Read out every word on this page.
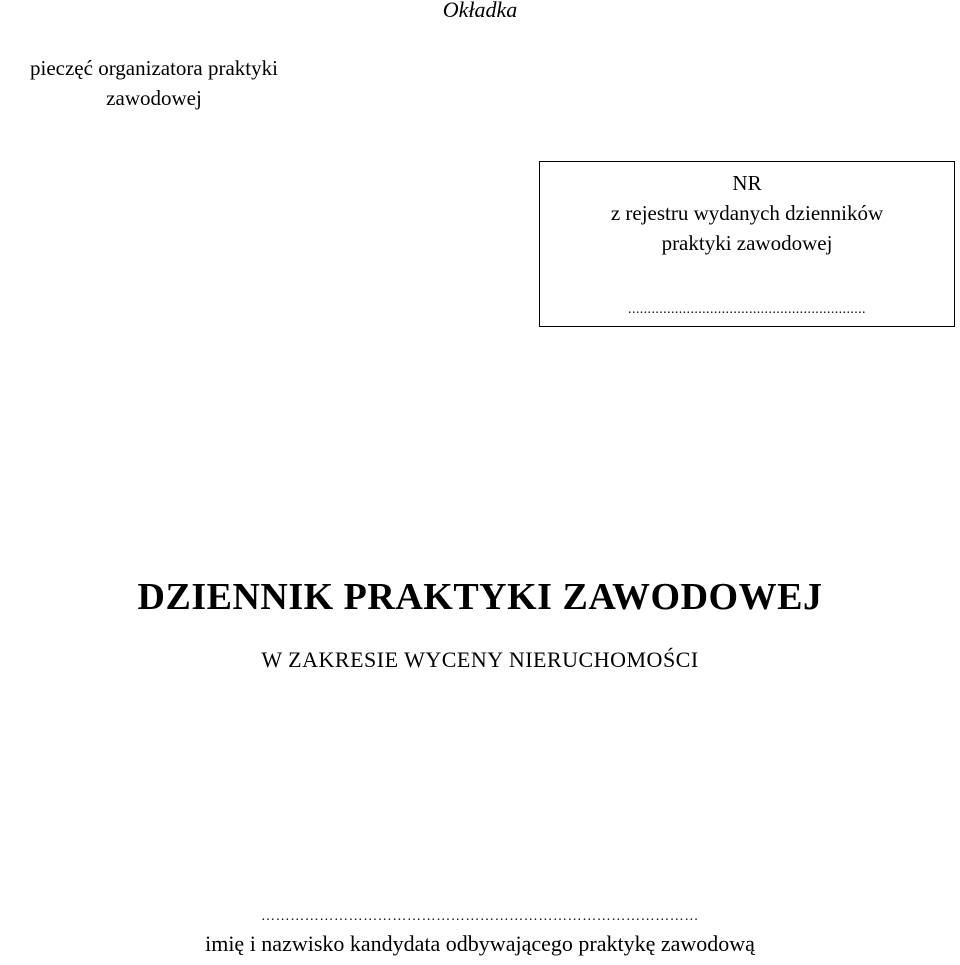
Okładka
pieczęć organizatora praktyki
zawodowej
NR
z rejestru wydanych dzienników
praktyki zawodowej
.............................................................
DZIENNIK PRAKTYKI ZAWODOWEJ
W ZAKRESIE WYCENY NIERUCHOMOŚCI
………………………………………………………………………………
imię i nazwisko kandydata odbywającego praktykę zawodową
